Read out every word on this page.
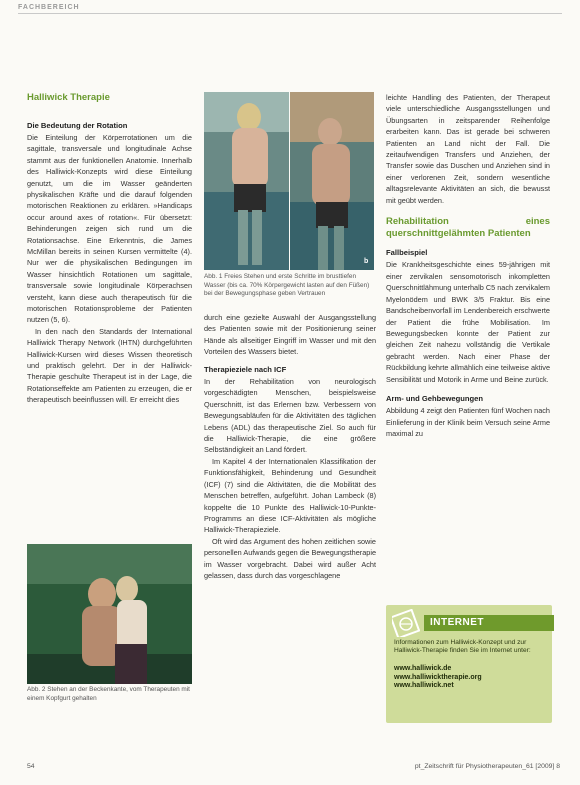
FACHBEREICH
Halliwick Therapie
Die Bedeutung der Rotation

Die Einteilung der Körperrotationen um die sagittale, transversale und longitudinale Achse stammt aus der funktionellen Anatomie. Innerhalb des Halliwick-Konzepts wird diese Einteilung genutzt, um die im Wasser geänderten physikalischen Kräfte und die darauf folgenden motorischen Reaktionen zu erklären. »Handicaps occur around axes of rotation«. Für übersetzt: Behinderungen zeigen sich rund um die Rotationsachse. Eine Erkenntnis, die James McMillan bereits in seinen Kursen vermittelte (4). Nur wer die physikalischen Bedingungen im Wasser hinsichtlich Rotationen um sagittale, transversale sowie longitudinale Körperachsen versteht, kann diese auch therapeutisch für die motorischen Rotationsprobleme der Patienten nutzen (5, 6).

In den nach den Standards der International Halliwick Therapy Network (IHTN) durchgeführten Halliwick-Kursen wird dieses Wissen theoretisch und praktisch gelehrt. Der in der Halliwick-Therapie geschulte Therapeut ist in der Lage, die Rotationseffekte am Patienten zu erzeugen, die er therapeutisch beeinflussen will. Er erreicht dies

Abb. 2 Stehen an der Beckenkante, vom Therapeuten mit einem Kopfgurt gehalten
b
Abb. 1 Freies Stehen und erste Schritte im brusttiefen Wasser (bis ca. 70% Körpergewicht lasten auf den Füßen) bei der Bewegungsphase geben Vertrauen

durch eine gezielte Auswahl der Ausgangsstellung des Patienten sowie mit der Positionierung seiner Hände als allseitiger Eingriff im Wasser und mit den Vorteilen des Wassers bietet.

Therapieziele nach ICF

In der Rehabilitation von neurologisch vorgeschädigten Menschen, beispielsweise Querschnitt, ist das Erlernen bzw. Verbessern von Bewegungsabläufen für die Aktivitäten des täglichen Lebens (ADL) das therapeutische Ziel. So auch für die Halliwick-Therapie, die eine größere Selbständigkeit an Land fördert.

Im Kapitel 4 der Internationalen Klassifikation der Funktionsfähigkeit, Behinderung und Gesundheit (ICF) (7) sind die Aktivitäten, die die Mobilität des Menschen betreffen, aufgeführt. Johan Lambeck (8) koppelte die 10 Punkte des Halliwick-10-Punkte-Programms an diese ICF-Aktivitäten als mögliche Halliwick-Therapieziele.

Oft wird das Argument des hohen zeitlichen sowie personellen Aufwands gegen die Bewegungstherapie im Wasser vorgebracht. Dabei wird außer Acht gelassen, dass durch das vorgeschlagene

leichte Handling des Patienten, der Therapeut viele unterschiedliche Ausgangsstellungen und Übungsarten in zeitsparender Reihenfolge erarbeiten kann. Das ist gerade bei schweren Patienten an Land nicht der Fall. Die zeitaufwendigen Transfers und Anziehen, der Transfer sowie das Duschen und Anziehen sind in einer verlorenen Zeit, sondern wesentliche alltagsrelevante Aktivitäten an sich, die bewusst mit geübt werden.

Rehabilitation eines querschnittgelähmten Patienten
Fallbeispiel

Die Krankheitsgeschichte eines 59-jährigen mit einer zervikalen sensomotorisch inkompletten Querschnittlähmung unterhalb C5 nach zervikalem Myelonödem und BWK 3/5 Fraktur. Bis eine Bandscheibenvorfall im Lendenbereich erschwerte der Patient die frühe Mobilisation. Im Bewegungsbecken konnte der Patient zur gleichen Zeit nahezu vollständig die Vertikale gebracht werden. Nach einer Phase der Rückbildung kehrte allmählich eine teilweise aktive Sensibilität und Motorik in Arme und Beine zurück.

Arm- und Gehbewegungen

Abbildung 4 zeigt den Patienten fünf Wochen nach Einlieferung in der Klinik beim Versuch seine Arme maximal zu

INTERNET
Informationen zum Halliwick-Konzept und zur Halliwick-Therapie finden Sie im Internet unter:
www.halliwick.de
www.halliwicktherapie.org
www.halliwick.net
54	pt_Zeitschrift für Physiotherapeuten_61 [2009] 8
